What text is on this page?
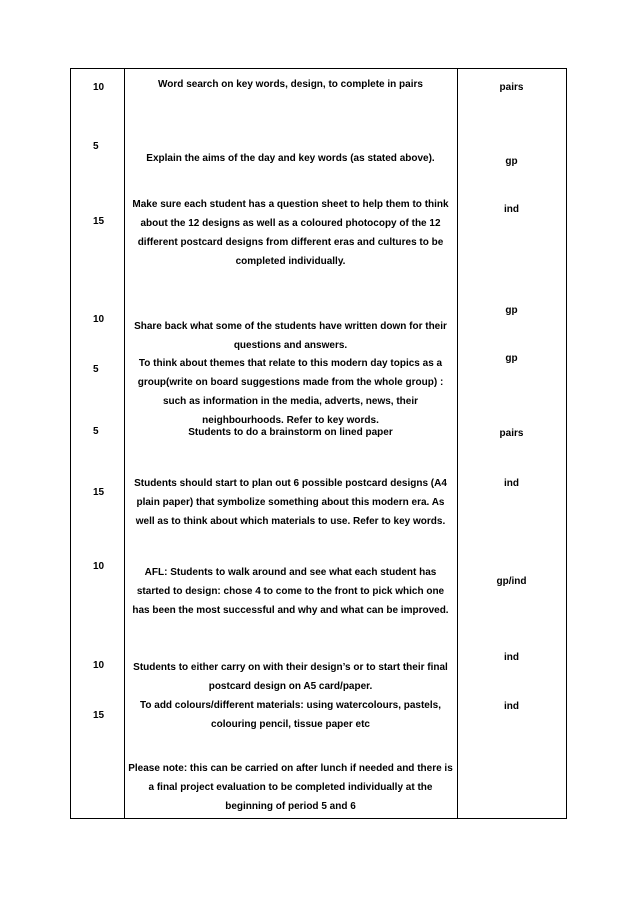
10
5
15
10
5
5
15
10
10
15
Word search on key words, design, to complete in pairs
Explain the aims of the day and key words (as stated above).
Make sure each student has a question sheet to help them to think about the 12 designs as well as a coloured photocopy of the 12 different postcard designs from different eras and cultures to be completed individually.
Share back what some of the students have written down for their questions and answers.
To think about themes that relate to this modern day topics as a group(write on board suggestions made from the whole group) : such as information in the media, adverts, news, their neighbourhoods. Refer to key words.
Students to do a brainstorm on lined paper
Students should start to plan out 6 possible postcard designs (A4 plain paper) that symbolize something about this modern era. As well as to think about which materials to use. Refer to key words.
AFL: Students to walk around and see what each student has started to design: chose 4 to come to the front to pick which one has been the most successful and why and what can be improved.
Students to either carry on with their design’s or to start their final postcard design on A5 card/paper.
To add colours/different materials: using watercolours, pastels, colouring pencil, tissue paper etc
Please note: this can be carried on after lunch if needed and there is a final project evaluation to be completed individually at the beginning of period 5 and 6
pairs
gp
ind
gp
gp
pairs
ind
gp/ind
ind
ind
